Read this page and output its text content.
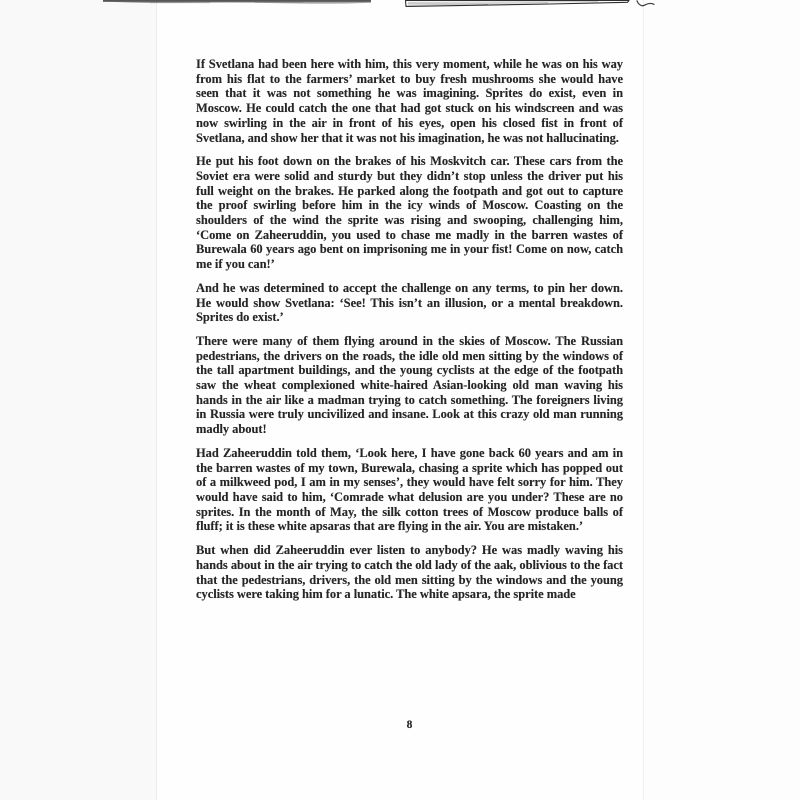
If Svetlana had been here with him, this very moment, while he was on his way from his flat to the farmers’ market to buy fresh mushrooms she would have seen that it was not something he was imagining. Sprites do exist, even in Moscow. He could catch the one that had got stuck on his windscreen and was now swirling in the air in front of his eyes, open his closed fist in front of Svetlana, and show her that it was not his imagination, he was not hallucinating.

He put his foot down on the brakes of his Moskvitch car. These cars from the Soviet era were solid and sturdy but they didn’t stop unless the driver put his full weight on the brakes. He parked along the footpath and got out to capture the proof swirling before him in the icy winds of Moscow. Coasting on the shoulders of the wind the sprite was rising and swooping, challenging him, ‘Come on Zaheeruddin, you used to chase me madly in the barren wastes of Burewala 60 years ago bent on imprisoning me in your fist! Come on now, catch me if you can!’

And he was determined to accept the challenge on any terms, to pin her down. He would show Svetlana: ‘See! This isn’t an illusion, or a mental breakdown. Sprites do exist.’

There were many of them flying around in the skies of Moscow. The Russian pedestrians, the drivers on the roads, the idle old men sitting by the windows of the tall apartment buildings, and the young cyclists at the edge of the footpath saw the wheat complexioned white-haired Asian-looking old man waving his hands in the air like a madman trying to catch something. The foreigners living in Russia were truly uncivilized and insane. Look at this crazy old man running madly about!

Had Zaheeruddin told them, ‘Look here, I have gone back 60 years and am in the barren wastes of my town, Burewala, chasing a sprite which has popped out of a milkweed pod, I am in my senses’, they would have felt sorry for him. They would have said to him, ‘Comrade what delusion are you under? These are no sprites. In the month of May, the silk cotton trees of Moscow produce balls of fluff; it is these white apsaras that are flying in the air. You are mistaken.’

But when did Zaheeruddin ever listen to anybody? He was madly waving his hands about in the air trying to catch the old lady of the aak, oblivious to the fact that the pedestrians, drivers, the old men sitting by the windows and the young cyclists were taking him for a lunatic. The white apsara, the sprite made

8
